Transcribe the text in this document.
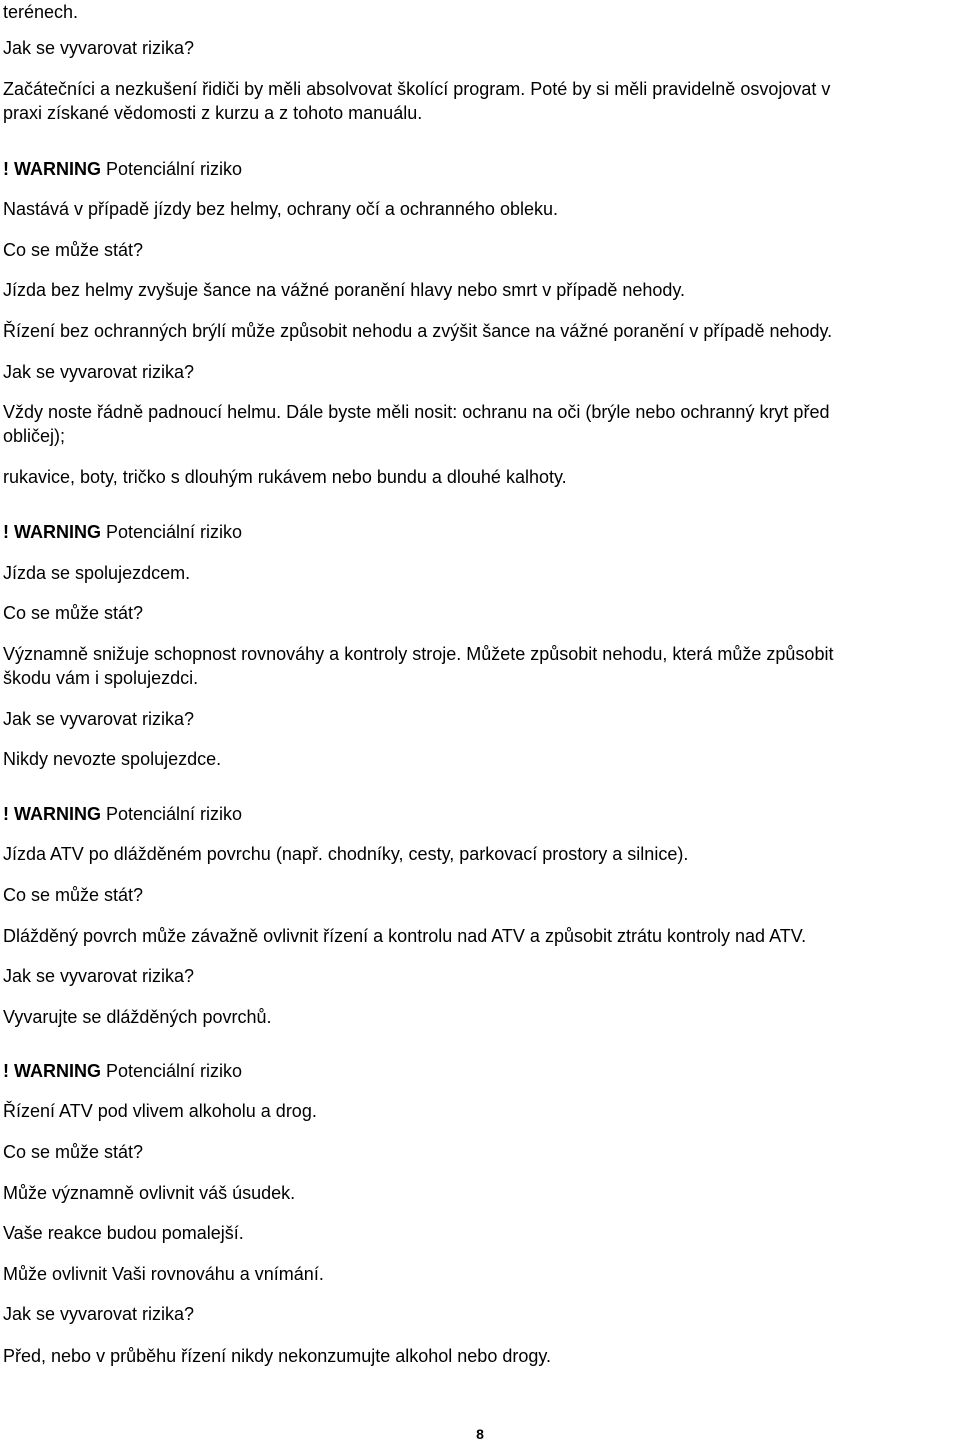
terénech.

Jak se vyvarovat rizika?

Začátečníci a nezkušení řidiči by měli absolvovat školící program. Poté by si měli pravidelně osvojovat v

praxi získané vědomosti z kurzu a z tohoto manuálu.

! WARNING Potenciální riziko

Nastává v případě jízdy bez helmy, ochrany očí a ochranného obleku.

Co se může stát?

Jízda bez helmy zvyšuje šance na vážné poranění hlavy nebo smrt v případě nehody.

Řízení bez ochranných brýlí může způsobit nehodu a zvýšit šance na vážné poranění v případě nehody.

Jak se vyvarovat rizika?

Vždy noste řádně padnoucí helmu. Dále byste měli nosit: ochranu na oči (brýle nebo ochranný kryt před

obličej);

rukavice, boty, tričko s dlouhým rukávem nebo bundu a dlouhé kalhoty.

! WARNING Potenciální riziko

Jízda se spolujezdcem.

Co se může stát?

Významně snižuje schopnost rovnováhy a kontroly stroje. Můžete způsobit nehodu, která může způsobit

škodu vám i spolujezdci.

Jak se vyvarovat rizika?

Nikdy nevozte spolujezdce.

! WARNING Potenciální riziko

Jízda ATV po dlážděném povrchu (např. chodníky, cesty, parkovací prostory a silnice).

Co se může stát?

Dlážděný povrch může závažně ovlivnit řízení a kontrolu nad ATV a způsobit ztrátu kontroly nad ATV.

Jak se vyvarovat rizika?

Vyvarujte se dlážděných povrchů.

! WARNING Potenciální riziko

Řízení ATV pod vlivem alkoholu a drog.

Co se může stát?

Může významně ovlivnit váš úsudek.

Vaše reakce budou pomalejší.

Může ovlivnit Vaši rovnováhu a vnímání.

Jak se vyvarovat rizika?

Před, nebo v průběhu řízení nikdy nekonzumujte alkohol nebo drogy.

8
